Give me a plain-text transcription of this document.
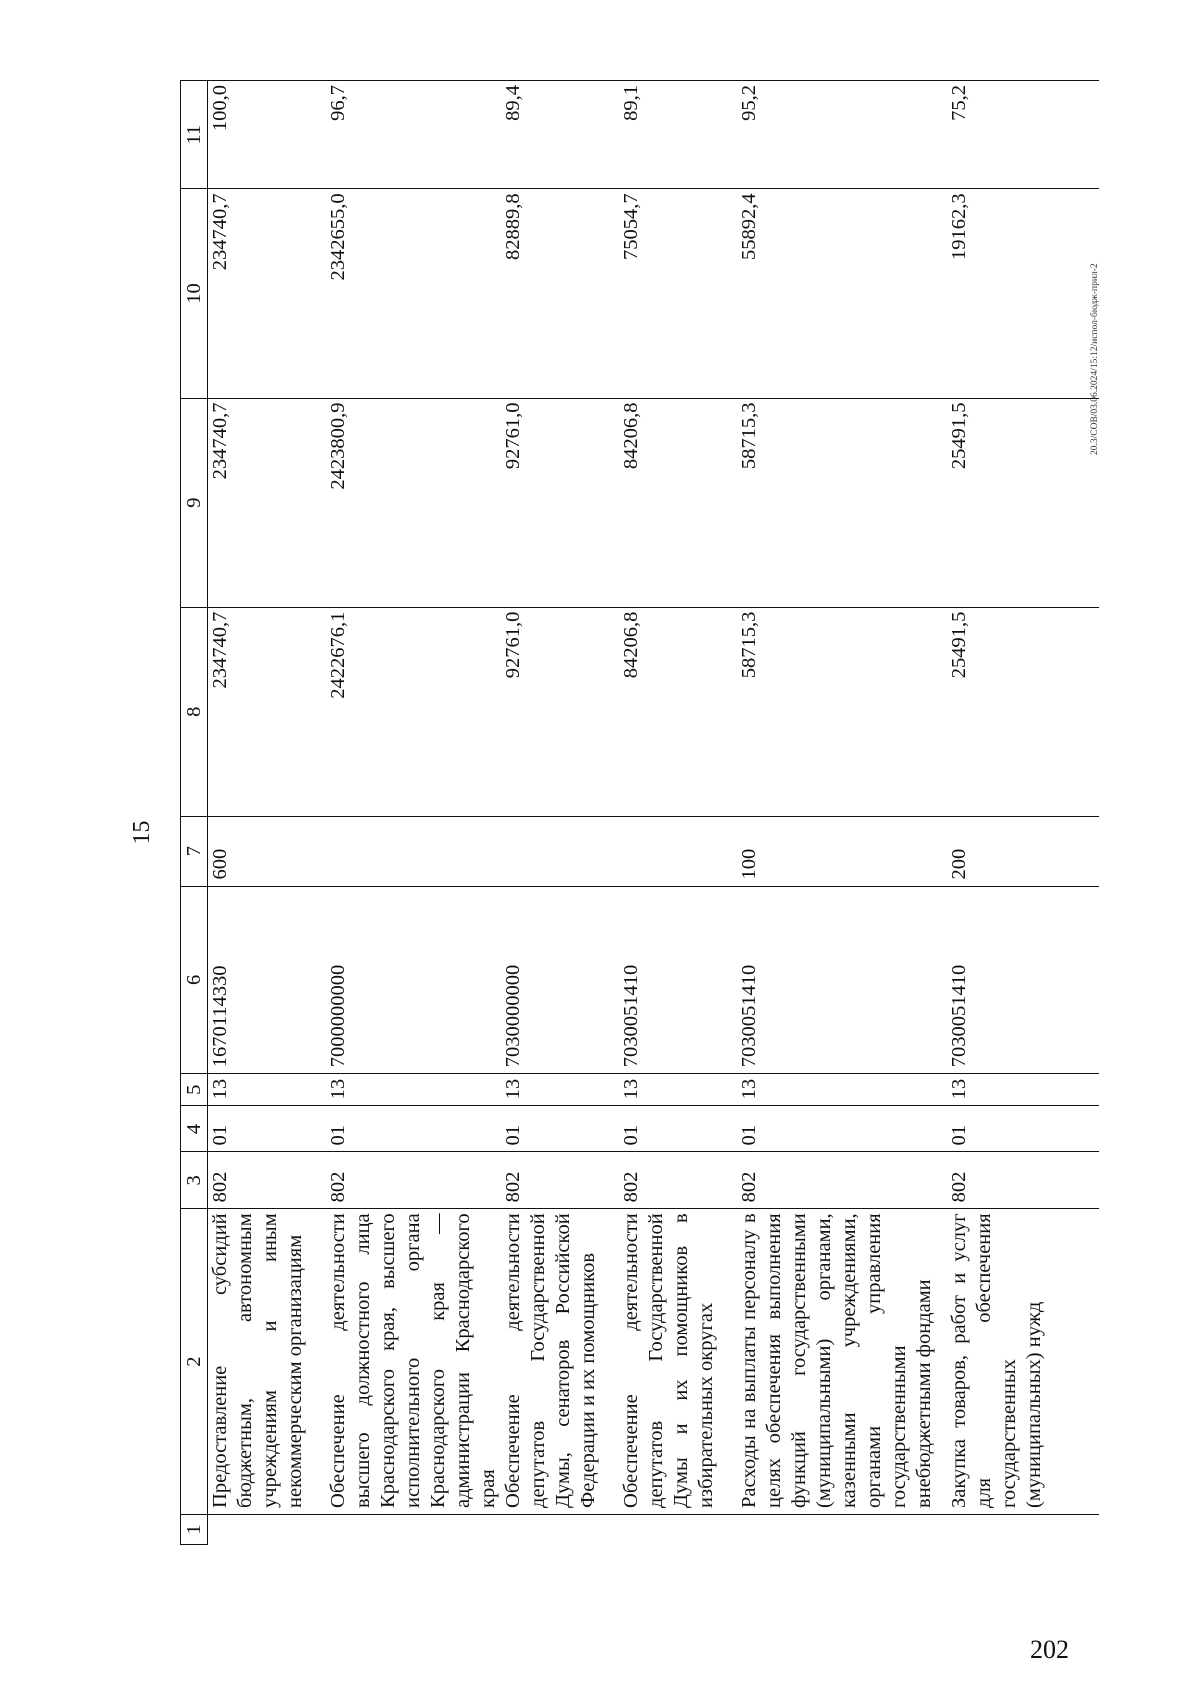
15
1	2	3	4	5	6	7	8	9	10	11
	Предоставление субсидий бюджетным, автономным учреждениям и иным некоммерческим организациям	802	01	13	1670114330	600	234740,7	234740,7	234740,7	100,0
	Обеспечение деятельности высшего должностного лица Краснодарского края, высшего исполнительного органа Краснодарского края — администрации Краснодарского края	802	01	13	7000000000		2422676,1	2423800,9	2342655,0	96,7
	Обеспечение деятельности депутатов Государственной Думы, сенаторов Российской Федерации и их помощников	802	01	13	7030000000		92761,0	92761,0	82889,8	89,4
	Обеспечение деятельности депутатов Государственной Думы и их помощников в избирательных округах	802	01	13	7030051410		84206,8	84206,8	75054,7	89,1
	Расходы на выплаты персоналу в целях обеспечения выполнения функций государственными (муниципальными) органами, казенными учреждениями, органами управления государственными внебюджетными фондами	802	01	13	7030051410	100	58715,3	58715,3	55892,4	95,2
	Закупка товаров, работ и услуг для обеспечения государственных (муниципальных) нужд	802	01	13	7030051410	200	25491,5	25491,5	19162,3	75,2
20.3/СОВ/03.06.2024/15:12/испол-бюдж-прил-2
202
